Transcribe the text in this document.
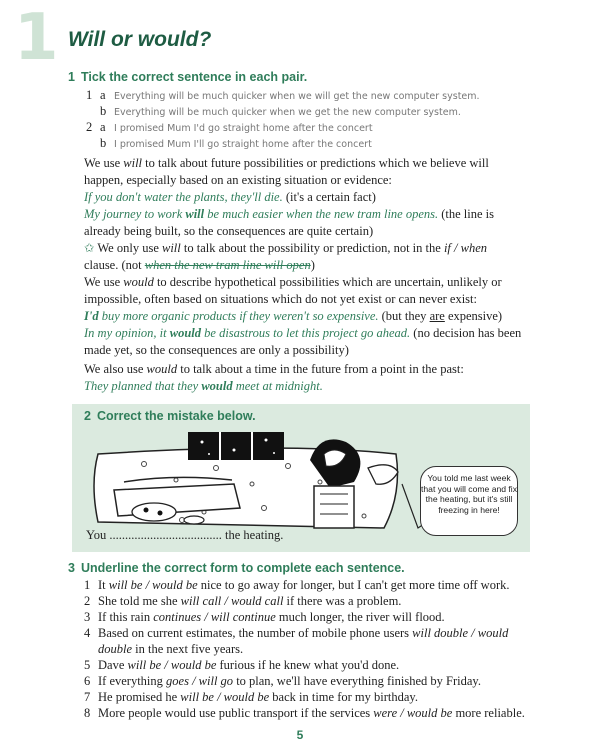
1 Will or would?
1 Tick the correct sentence in each pair.
1 a Everything will be much quicker when we will get the new computer system.
b Everything will be much quicker when we get the new computer system.
2 a I promised Mum I'd go straight home after the concert
b I promised Mum I'll go straight home after the concert

We use will to talk about future possibilities or predictions which we believe will happen, especially based on an existing situation or evidence:

If you don't water the plants, they'll die. (it's a certain fact)

My journey to work will be much easier when the new tram line opens. (the line is already being built, so the consequences are quite certain)

✩ We only use will to talk about the possibility or prediction, not in the if / when clause. (not when the new tram line will open)

We use would to describe hypothetical possibilities which are uncertain, unlikely or impossible, often based on situations which do not yet exist or can never exist:

I'd buy more organic products if they weren't so expensive. (but they are expensive)

In my opinion, it would be disastrous to let this project go ahead. (no decision has been made yet, so the consequences are only a possibility)

We also use would to talk about a time in the future from a point in the past:

They planned that they would meet at midnight.

2 Correct the mistake below.
You told me last week that you will come and fix the heating, but it's still freezing in here!
You .................................... the heating.
3 Underline the correct form to complete each sentence.
1 It will be / would be nice to go away for longer, but I can't get more time off work.
2 She told me she will call / would call if there was a problem.
3 If this rain continues / will continue much longer, the river will flood.
4 Based on current estimates, the number of mobile phone users will double / would
double in the next five years.
5 Dave will be / would be furious if he knew what you'd done.
6 If everything goes / will go to plan, we'll have everything finished by Friday.
7 He promised he will be / would be back in time for my birthday.
8 More people would use public transport if the services were / would be more reliable.
5
